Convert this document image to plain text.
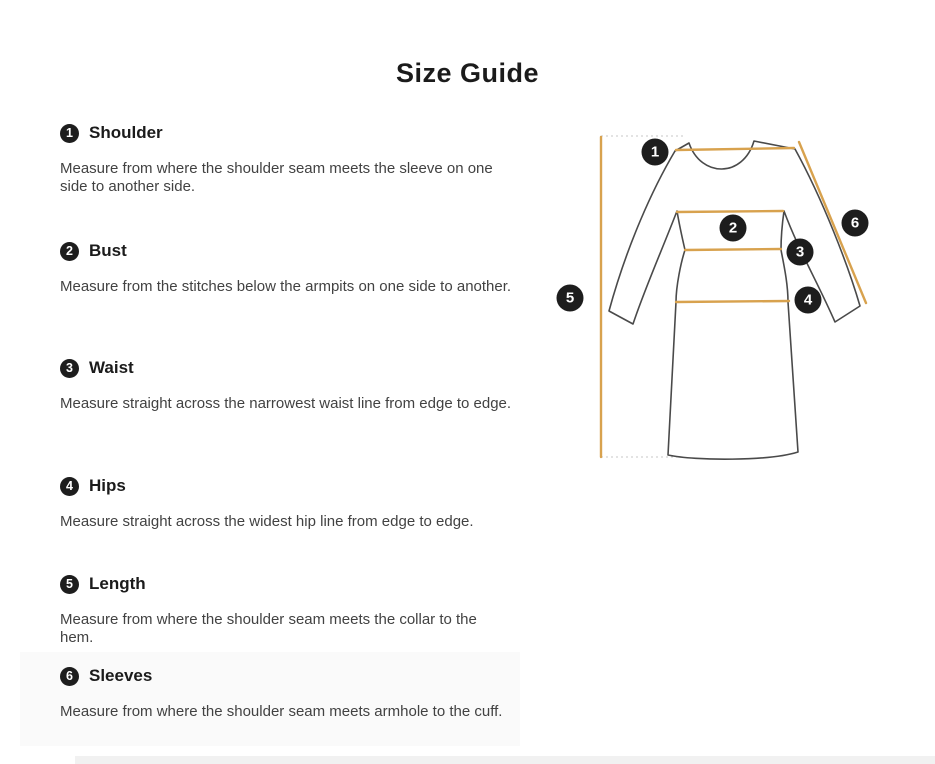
Size Guide
1 Shoulder
Measure from where the shoulder seam meets the sleeve on one side to another side.
2 Bust
Measure from the stitches below the armpits on one side to another.
3 Waist
Measure straight across the narrowest waist line from edge to edge.
4 Hips
Measure straight across the widest hip line from edge to edge.
5 Length
Measure from where the shoulder seam meets the collar to the hem.
6 Sleeves
Measure from where the shoulder seam meets armhole to the cuff.
1
2
3
4
5
6
